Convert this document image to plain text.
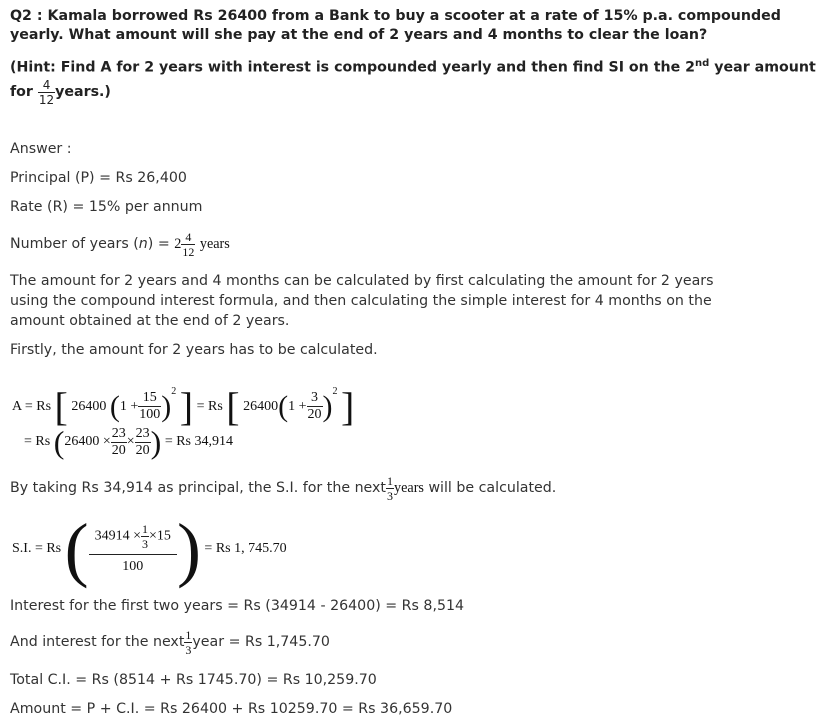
Q2 : Kamala borrowed Rs 26400 from a Bank to buy a scooter at a rate of 15% p.a. compounded
yearly. What amount will she pay at the end of 2 years and 4 months to clear the loan?
(Hint: Find A for 2 years with interest is compounded yearly and then find SI on the 2nd year amount
for $\frac{4}{12}$ years.)
Answer :
Principal (P) = Rs 26,400
Rate (R) = 15% per annum
Number of years $(n) = 2 \frac{4}{12}$ years
The amount for 2 years and 4 months can be calculated by first calculating the amount for 2 years
using the compound interest formula, and then calculating the simple interest for 4 months on the
amount obtained at the end of 2 years.
Firstly, the amount for 2 years has to be calculated.
A = Rs [ 26400 $(1 + \frac{15}{100} )^2$ ] = Rs [ $26400(1 + \frac{3}{20} )^2$ ]
= Rs ($26400 \times \frac{23}{20} \times \frac{23}{20}$ ) = Rs 34,914
By taking Rs 34,914 as principal, the S.I. for the next $\frac{1}{3}$ years will be calculated.
S.I. = Rs ( $\frac{34914 \times \frac{1}{3} \times 15}{100}$ ) = Rs 1, 745.70
Interest for the first two years = Rs (34914 - 26400) = Rs 8,514
And interest for the next $\frac{1}{3}$ year = Rs 1,745.70
Total C.I. = Rs (8514 + Rs 1745.70) = Rs 10,259.70
Amount = P + C.I. = Rs 26400 + Rs 10259.70 = Rs 36,659.70
